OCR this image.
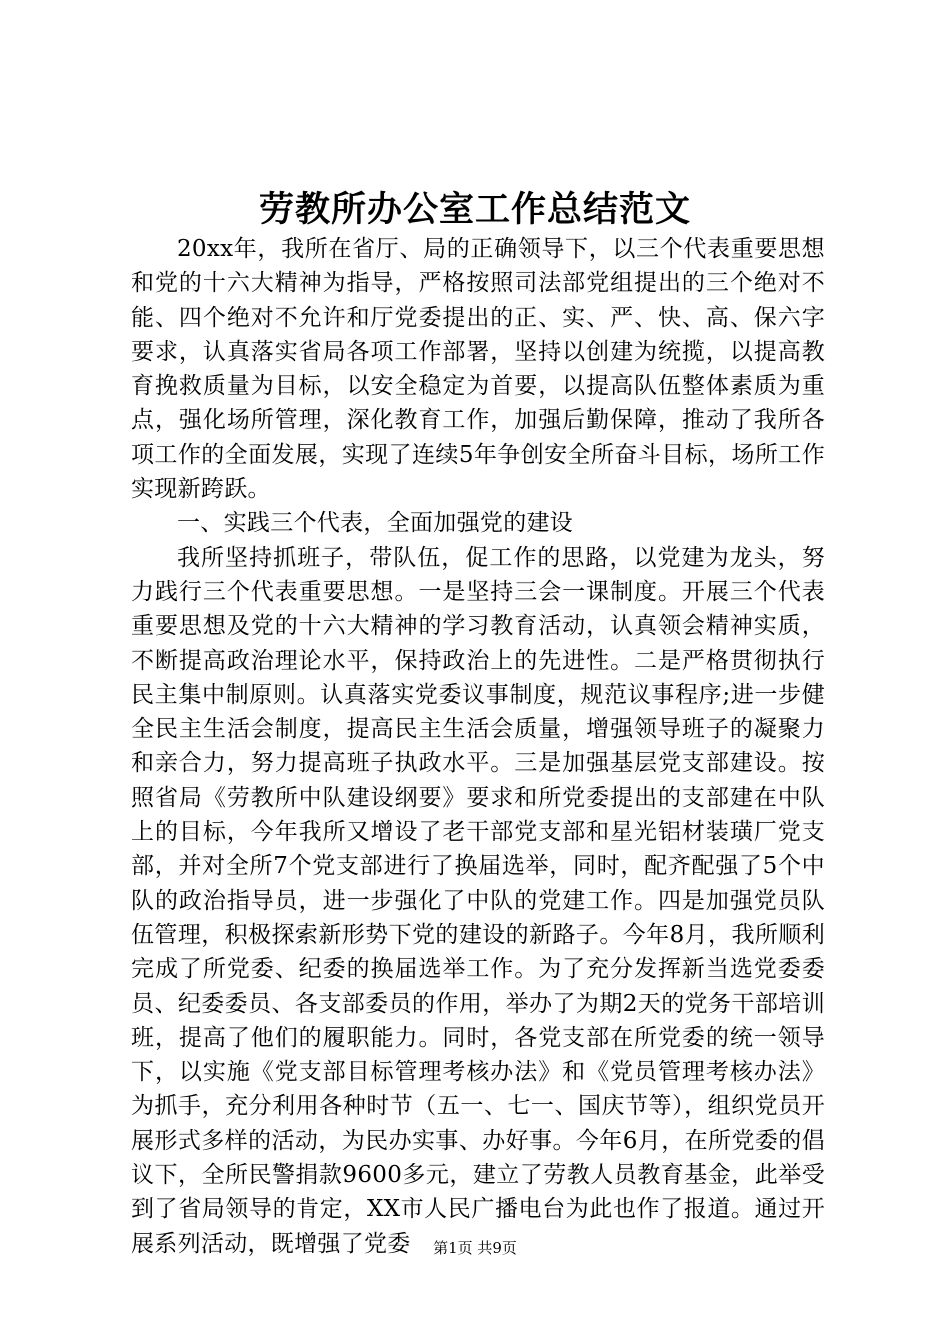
劳教所办公室工作总结范文

20xx年，我所在省厅、局的正确领导下，以三个代表重要思想和党的十六大精神为指导，严格按照司法部党组提出的三个绝对不能、四个绝对不允许和厅党委提出的正、实、严、快、高、保六字要求，认真落实省局各项工作部署，坚持以创建为统揽，以提高教育挽救质量为目标，以安全稳定为首要，以提高队伍整体素质为重点，强化场所管理，深化教育工作，加强后勤保障，推动了我所各项工作的全面发展，实现了连续5年争创安全所奋斗目标，场所工作实现新跨跃。

一、实践三个代表，全面加强党的建设

我所坚持抓班子，带队伍，促工作的思路，以党建为龙头，努力践行三个代表重要思想。一是坚持三会一课制度。开展三个代表重要思想及党的十六大精神的学习教育活动，认真领会精神实质，不断提高政治理论水平，保持政治上的先进性。二是严格贯彻执行民主集中制原则。认真落实党委议事制度，规范议事程序;进一步健全民主生活会制度，提高民主生活会质量，增强领导班子的凝聚力和亲合力，努力提高班子执政水平。三是加强基层党支部建设。按照省局《劳教所中队建设纲要》要求和所党委提出的支部建在中队上的目标，今年我所又增设了老干部党支部和星光铝材装璜厂党支部，并对全所7个党支部进行了换届选举，同时，配齐配强了5个中队的政治指导员，进一步强化了中队的党建工作。四是加强党员队伍管理，积极探索新形势下党的建设的新路子。今年8月，我所顺利完成了所党委、纪委的换届选举工作。为了充分发挥新当选党委委员、纪委委员、各支部委员的作用，举办了为期2天的党务干部培训班，提高了他们的履职能力。同时，各党支部在所党委的统一领导下，以实施《党支部目标管理考核办法》和《党员管理考核办法》为抓手，充分利用各种时节（五一、七一、国庆节等），组织党员开展形式多样的活动，为民办实事、办好事。今年6月，在所党委的倡议下，全所民警捐款9600多元，建立了劳教人员教育基金，此举受到了省局领导的肯定，XX市人民广播电台为此也作了报道。通过开展系列活动，既增强了党委	第1页 共9页
